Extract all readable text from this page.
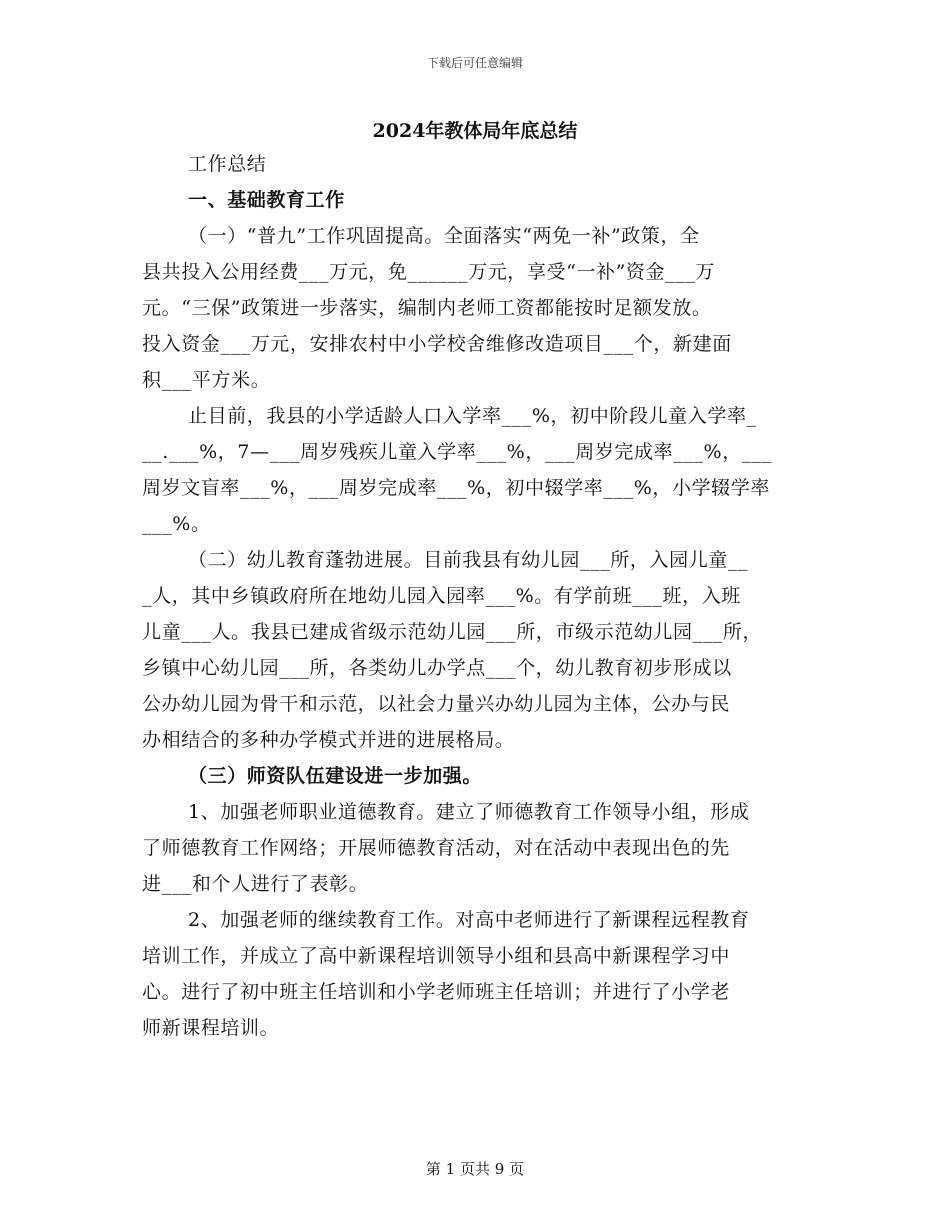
下载后可任意编辑
2024年教体局年底总结
工作总结
一、基础教育工作
（一）“普九”工作巩固提高。全面落实“两免一补”政策，全
县共投入公用经费___万元，免______万元，享受“一补”资金___万
元。“三保”政策进一步落实，编制内老师工资都能按时足额发放。
投入资金___万元，安排农村中小学校舍维修改造项目___个，新建面
积___平方米。
止目前，我县的小学适龄人口入学率___%，初中阶段儿童入学率_
__.___%，7—___周岁残疾儿童入学率___%，___周岁完成率___%，___
周岁文盲率___%，___周岁完成率___%，初中辍学率___%，小学辍学率
___%。
（二）幼儿教育蓬勃进展。目前我县有幼儿园___所，入园儿童__
_人，其中乡镇政府所在地幼儿园入园率___%。有学前班___班，入班
儿童___人。我县已建成省级示范幼儿园___所，市级示范幼儿园___所，
乡镇中心幼儿园___所，各类幼儿办学点___个，幼儿教育初步形成以
公办幼儿园为骨干和示范，以社会力量兴办幼儿园为主体，公办与民
办相结合的多种办学模式并进的进展格局。
（三）师资队伍建设进一步加强。
1、加强老师职业道德教育。建立了师德教育工作领导小组，形成
了师德教育工作网络；开展师德教育活动，对在活动中表现出色的先
进___和个人进行了表彰。
2、加强老师的继续教育工作。对高中老师进行了新课程远程教育
培训工作，并成立了高中新课程培训领导小组和县高中新课程学习中
心。进行了初中班主任培训和小学老师班主任培训；并进行了小学老
师新课程培训。
第 1 页共 9 页
